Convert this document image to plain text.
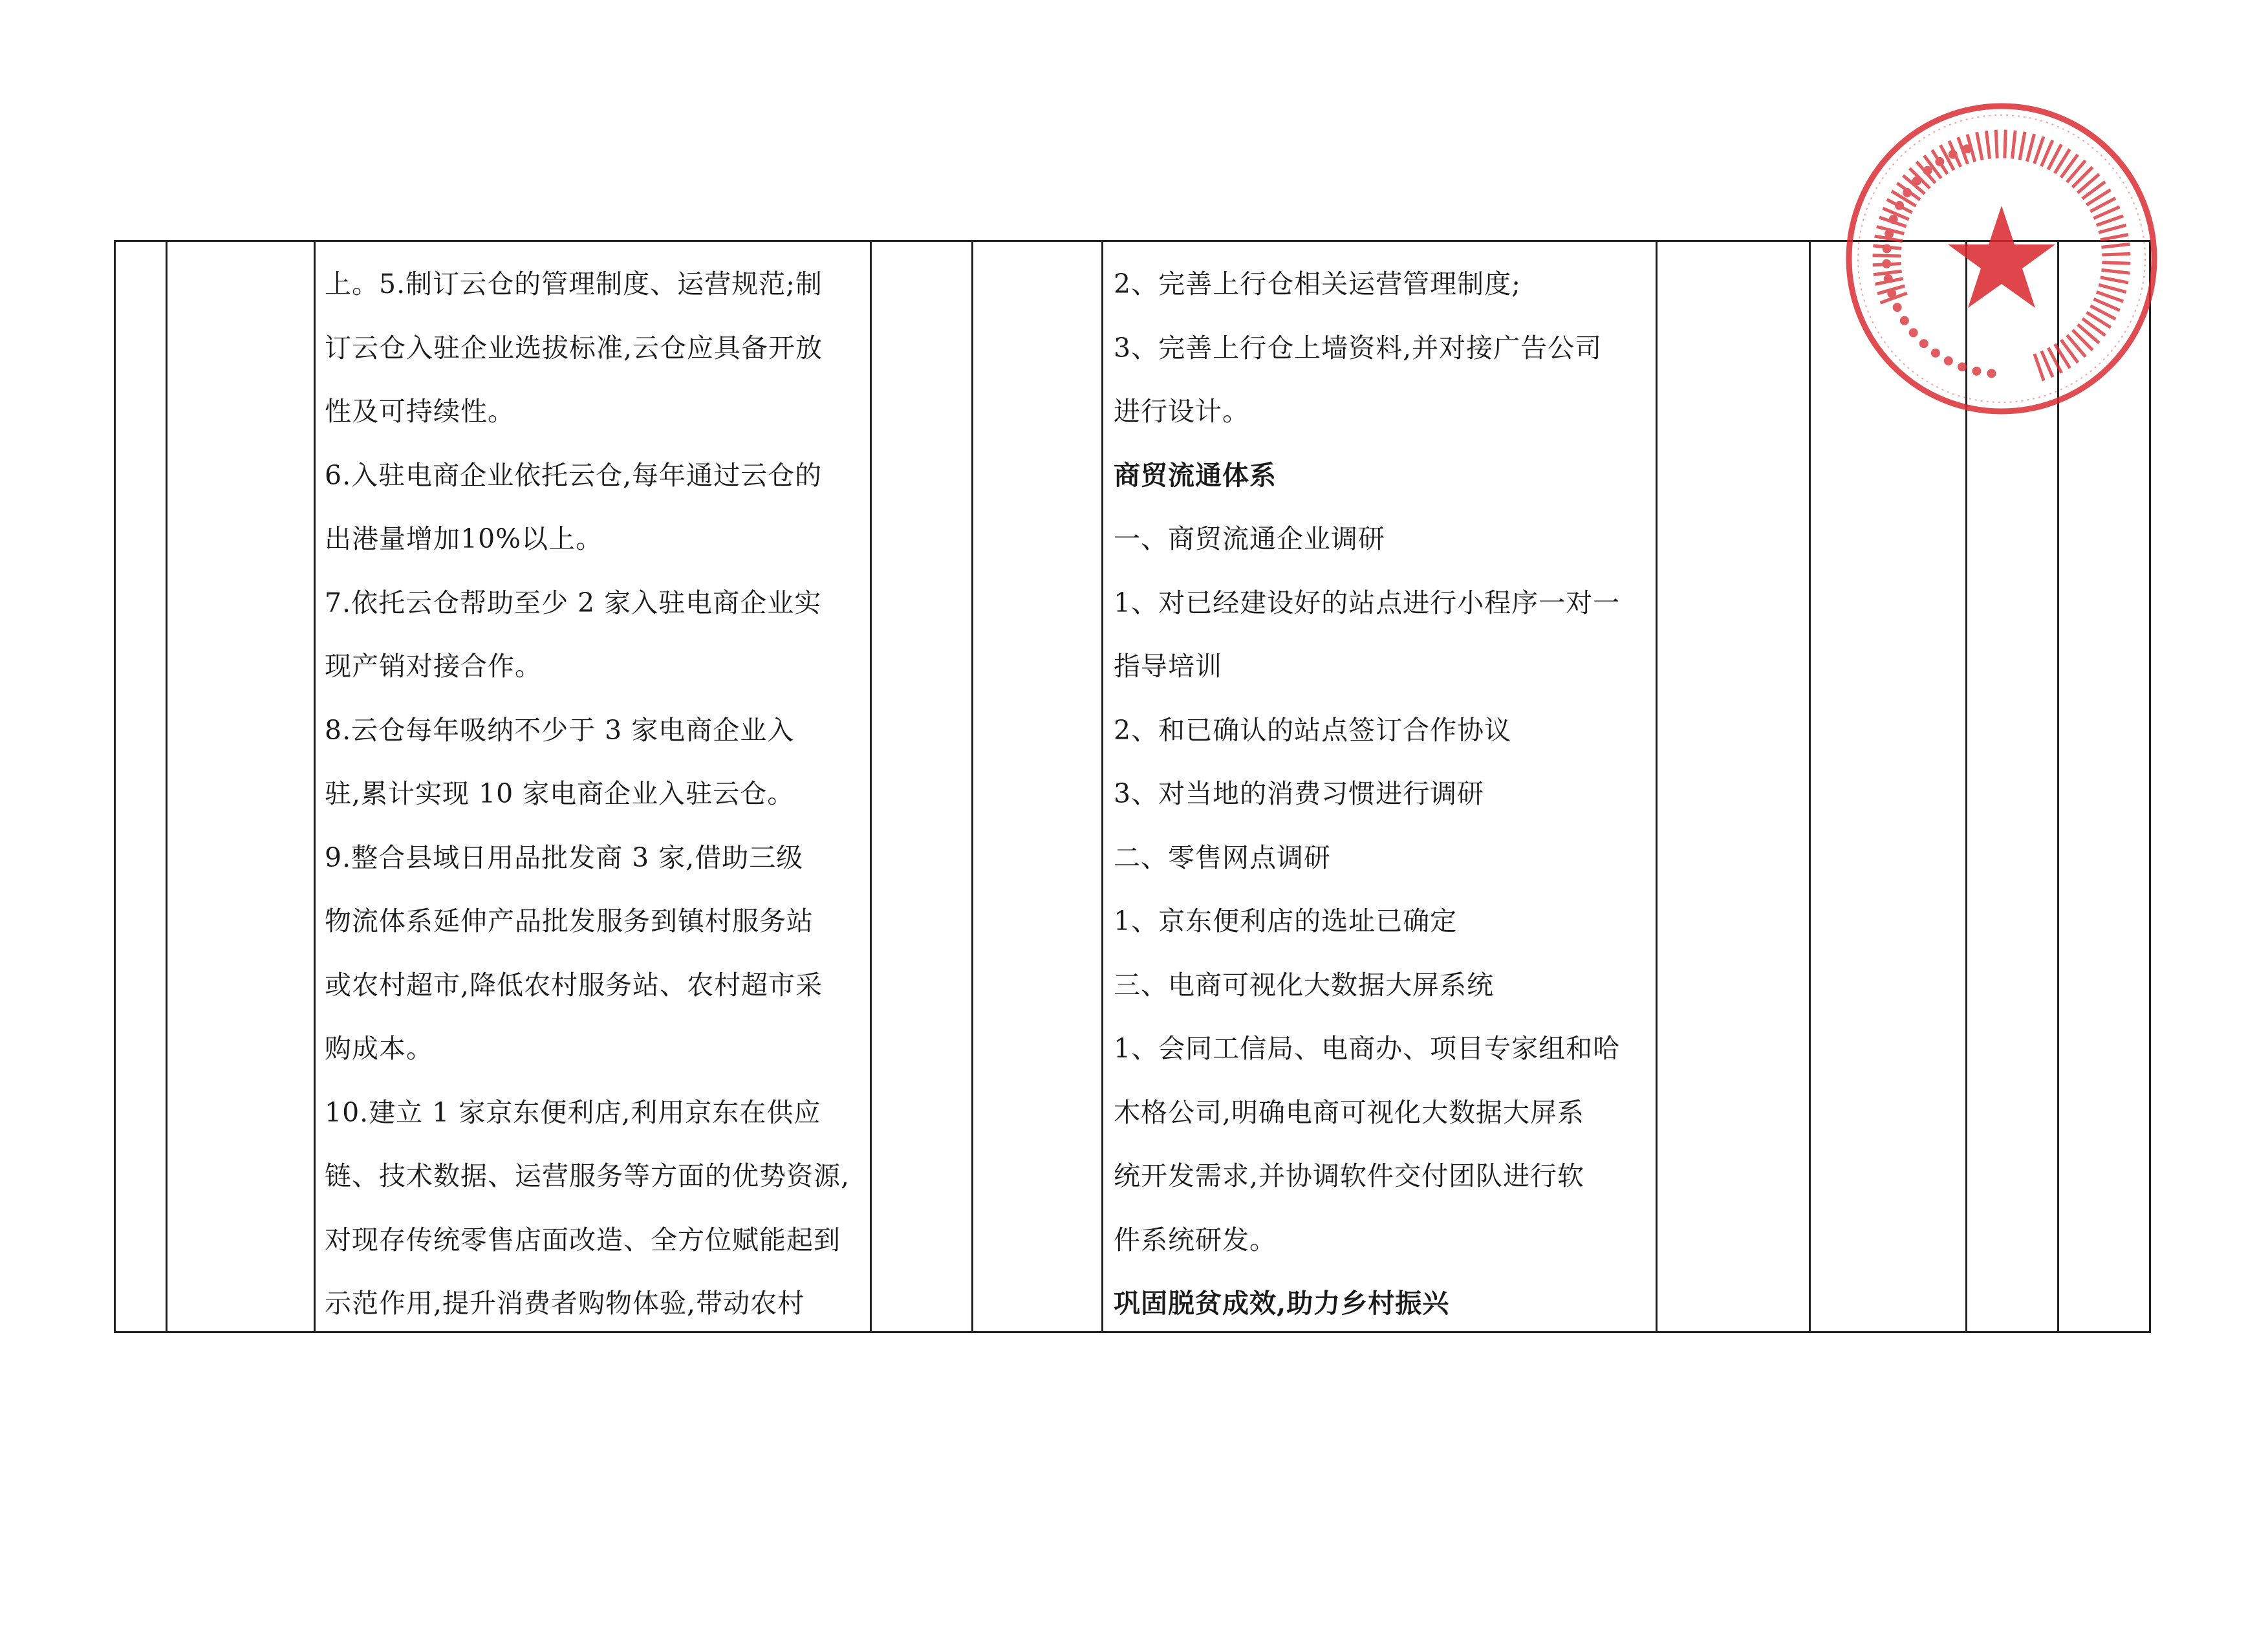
上。5.制订云仓的管理制度、运营规范;制
订云仓入驻企业选拔标准,云仓应具备开放
性及可持续性。
6.入驻电商企业依托云仓,每年通过云仓的
出港量增加10%以上。
7.依托云仓帮助至少 2 家入驻电商企业实
现产销对接合作。
8.云仓每年吸纳不少于 3 家电商企业入
驻,累计实现 10 家电商企业入驻云仓。
9.整合县域日用品批发商 3 家,借助三级
物流体系延伸产品批发服务到镇村服务站
或农村超市,降低农村服务站、农村超市采
购成本。
10.建立 1 家京东便利店,利用京东在供应
链、技术数据、运营服务等方面的优势资源,
对现存传统零售店面改造、全方位赋能起到
示范作用,提升消费者购物体验,带动农村
2、完善上行仓相关运营管理制度;
3、完善上行仓上墙资料,并对接广告公司
进行设计。
商贸流通体系
一、商贸流通企业调研
1、对已经建设好的站点进行小程序一对一
指导培训
2、和已确认的站点签订合作协议
3、对当地的消费习惯进行调研
二、零售网点调研
1、京东便利店的选址已确定
三、电商可视化大数据大屏系统
1、会同工信局、电商办、项目专家组和哈
木格公司,明确电商可视化大数据大屏系
统开发需求,并协调软件交付团队进行软
件系统研发。
巩固脱贫成效,助力乡村振兴
